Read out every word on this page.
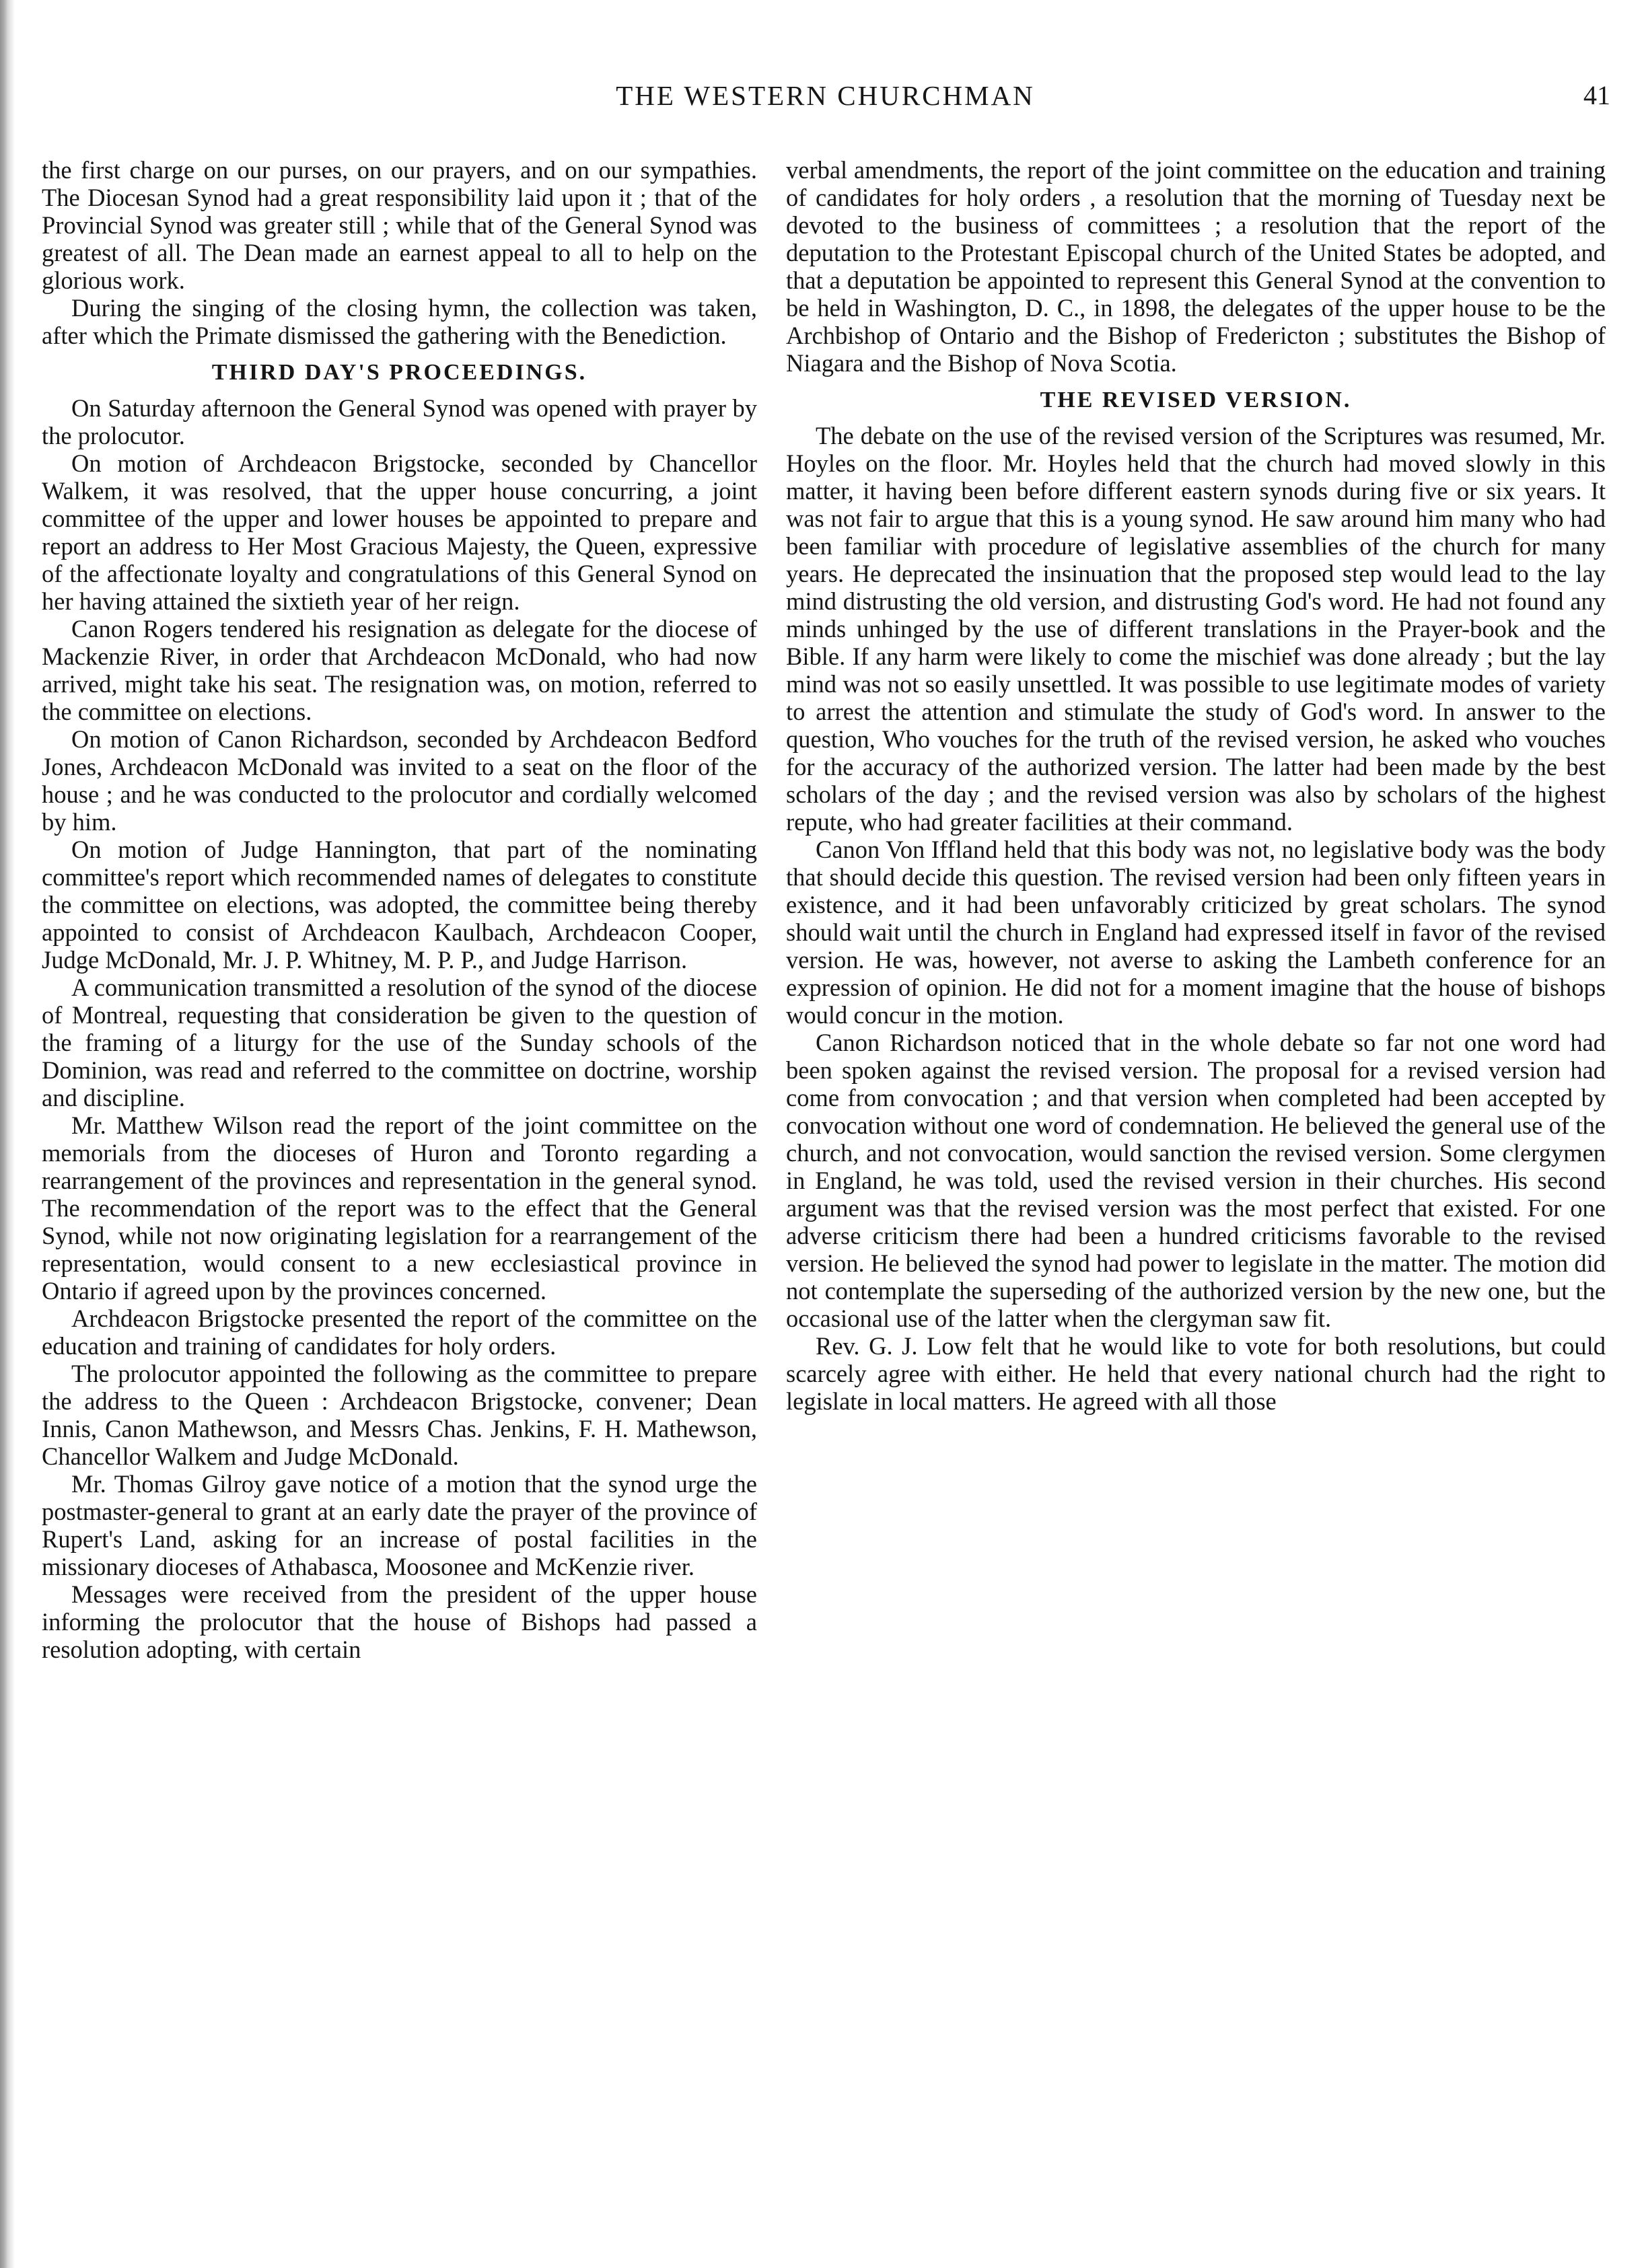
THE WESTERN CHURCHMAN	41

the first charge on our purses, on our prayers, and on our sympathies. The Diocesan Synod had a great responsibility laid upon it ; that of the Provincial Synod was greater still ; while that of the General Synod was greatest of all. The Dean made an earnest appeal to all to help on the glorious work.

During the singing of the closing hymn, the collection was taken, after which the Primate dismissed the gathering with the Benediction.

THIRD DAY'S PROCEEDINGS.

On Saturday afternoon the General Synod was opened with prayer by the prolocutor.

On motion of Archdeacon Brigstocke, seconded by Chancellor Walkem, it was resolved, that the upper house concurring, a joint committee of the upper and lower houses be appointed to prepare and report an address to Her Most Gracious Majesty, the Queen, expressive of the affectionate loyalty and congratulations of this General Synod on her having attained the sixtieth year of her reign.

Canon Rogers tendered his resignation as delegate for the diocese of Mackenzie River, in order that Archdeacon McDonald, who had now arrived, might take his seat. The resignation was, on motion, referred to the committee on elections.

On motion of Canon Richardson, seconded by Archdeacon Bedford Jones, Archdeacon McDonald was invited to a seat on the floor of the house ; and he was conducted to the prolocutor and cordially welcomed by him.

On motion of Judge Hannington, that part of the nominating committee's report which recommended names of delegates to constitute the committee on elections, was adopted, the committee being thereby appointed to consist of Archdeacon Kaulbach, Archdeacon Cooper, Judge McDonald, Mr. J. P. Whitney, M. P. P., and Judge Harrison.

A communication transmitted a resolution of the synod of the diocese of Montreal, requesting that consideration be given to the question of the framing of a liturgy for the use of the Sunday schools of the Dominion, was read and referred to the committee on doctrine, worship and discipline.

Mr. Matthew Wilson read the report of the joint committee on the memorials from the dioceses of Huron and Toronto regarding a rearrangement of the provinces and representation in the general synod. The recommendation of the report was to the effect that the General Synod, while not now originating legislation for a rearrangement of the representation, would consent to a new ecclesiastical province in Ontario if agreed upon by the provinces concerned.

Archdeacon Brigstocke presented the report of the committee on the education and training of candidates for holy orders.

The prolocutor appointed the following as the committee to prepare the address to the Queen : Archdeacon Brigstocke, convener; Dean Innis, Canon Mathewson, and Messrs Chas. Jenkins, F. H. Mathewson, Chancellor Walkem and Judge McDonald.

Mr. Thomas Gilroy gave notice of a motion that the synod urge the postmaster-general to grant at an early date the prayer of the province of Rupert's Land, asking for an increase of postal facilities in the missionary dioceses of Athabasca, Moosonee and McKenzie river.

Messages were received from the president of the upper house informing the prolocutor that the house of Bishops had passed a resolution adopting, with certain

verbal amendments, the report of the joint committee on the education and training of candidates for holy orders , a resolution that the morning of Tuesday next be devoted to the business of committees ; a resolution that the report of the deputation to the Protestant Episcopal church of the United States be adopted, and that a deputation be appointed to represent this General Synod at the convention to be held in Washington, D. C., in 1898, the delegates of the upper house to be the Archbishop of Ontario and the Bishop of Fredericton ; substitutes the Bishop of Niagara and the Bishop of Nova Scotia.

THE REVISED VERSION.

The debate on the use of the revised version of the Scriptures was resumed, Mr. Hoyles on the floor. Mr. Hoyles held that the church had moved slowly in this matter, it having been before different eastern synods during five or six years. It was not fair to argue that this is a young synod. He saw around him many who had been familiar with procedure of legislative assemblies of the church for many years. He deprecated the insinuation that the proposed step would lead to the lay mind distrusting the old version, and distrusting God's word. He had not found any minds unhinged by the use of different translations in the Prayer-book and the Bible. If any harm were likely to come the mischief was done already ; but the lay mind was not so easily unsettled. It was possible to use legitimate modes of variety to arrest the attention and stimulate the study of God's word. In answer to the question, Who vouches for the truth of the revised version, he asked who vouches for the accuracy of the authorized version. The latter had been made by the best scholars of the day ; and the revised version was also by scholars of the highest repute, who had greater facilities at their command.

Canon Von Iffland held that this body was not, no legislative body was the body that should decide this question. The revised version had been only fifteen years in existence, and it had been unfavorably criticized by great scholars. The synod should wait until the church in England had expressed itself in favor of the revised version. He was, however, not averse to asking the Lambeth conference for an expression of opinion. He did not for a moment imagine that the house of bishops would concur in the motion.

Canon Richardson noticed that in the whole debate so far not one word had been spoken against the revised version. The proposal for a revised version had come from convocation ; and that version when completed had been accepted by convocation without one word of condemnation. He believed the general use of the church, and not convocation, would sanction the revised version. Some clergymen in England, he was told, used the revised version in their churches. His second argument was that the revised version was the most perfect that existed. For one adverse criticism there had been a hundred criticisms favorable to the revised version. He believed the synod had power to legislate in the matter. The motion did not contemplate the superseding of the authorized version by the new one, but the occasional use of the latter when the clergyman saw fit.

Rev. G. J. Low felt that he would like to vote for both resolutions, but could scarcely agree with either. He held that every national church had the right to legislate in local matters. He agreed with all those
